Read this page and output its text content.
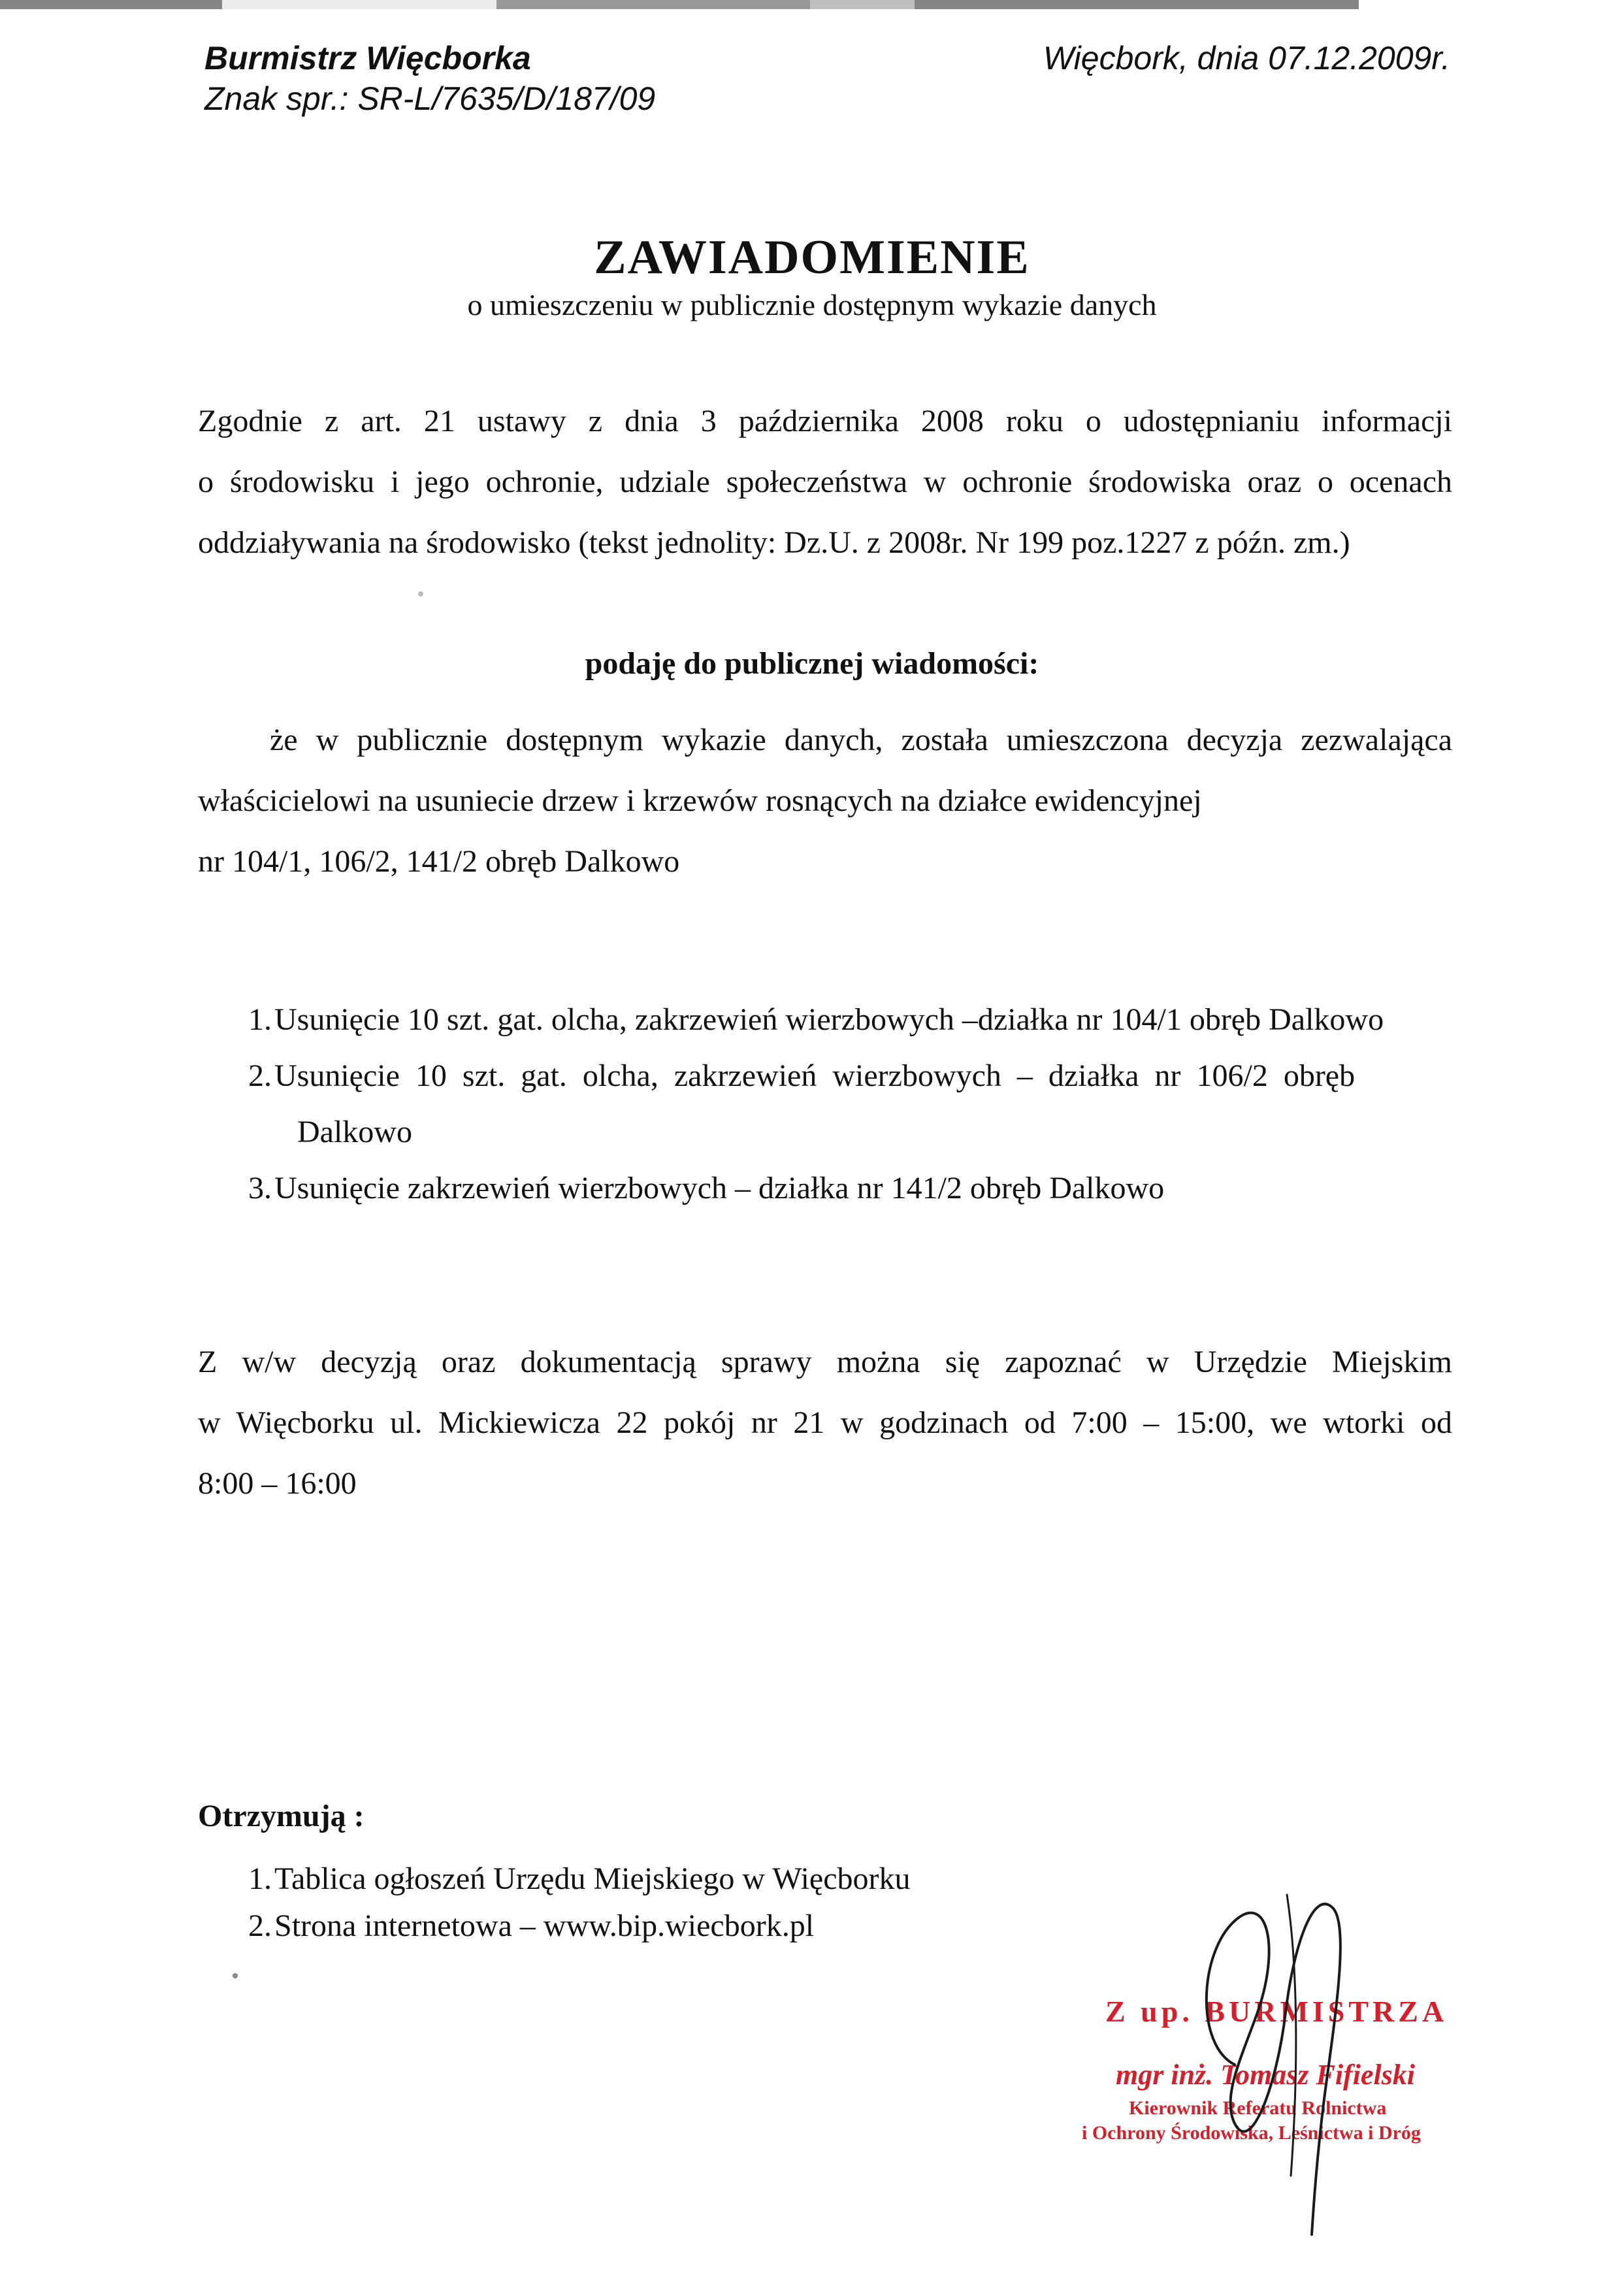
Burmistrz Więcborka
Znak spr.: SR-L/7635/D/187/09
Więcbork, dnia 07.12.2009r.
ZAWIADOMIENIE
o umieszczeniu w publicznie dostępnym wykazie danych
Zgodnie z art. 21 ustawy z dnia 3 października 2008 roku o udostępnianiu informacji
o środowisku i jego ochronie, udziale społeczeństwa w ochronie środowiska oraz o ocenach
oddziaływania na środowisko (tekst jednolity: Dz.U. z 2008r. Nr 199 poz.1227 z późn. zm.)
podaję do publicznej wiadomości:
że w publicznie dostępnym wykazie danych, została umieszczona decyzja zezwalająca
właścicielowi na usuniecie drzew i krzewów rosnących na działce ewidencyjnej
nr 104/1, 106/2, 141/2 obręb Dalkowo
1. Usunięcie 10 szt. gat. olcha, zakrzewień wierzbowych –działka nr 104/1 obręb Dalkowo
2. Usunięcie 10 szt. gat. olcha, zakrzewień wierzbowych – działka nr 106/2 obręb
Dalkowo
3. Usunięcie zakrzewień wierzbowych – działka nr 141/2 obręb Dalkowo
Z w/w decyzją oraz dokumentacją sprawy można się zapoznać w Urzędzie Miejskim
w Więcborku ul. Mickiewicza 22 pokój nr 21 w godzinach od 7:00 – 15:00, we wtorki od
8:00 – 16:00
Otrzymują :
1. Tablica ogłoszeń Urzędu Miejskiego w Więcborku
2. Strona internetowa – www.bip.wiecbork.pl
Z up. BURMISTRZA
mgr inż. Tomasz Fifielski
Kierownik Referatu Rolnictwa
i Ochrony Środowiska, Leśnictwa i Dróg
